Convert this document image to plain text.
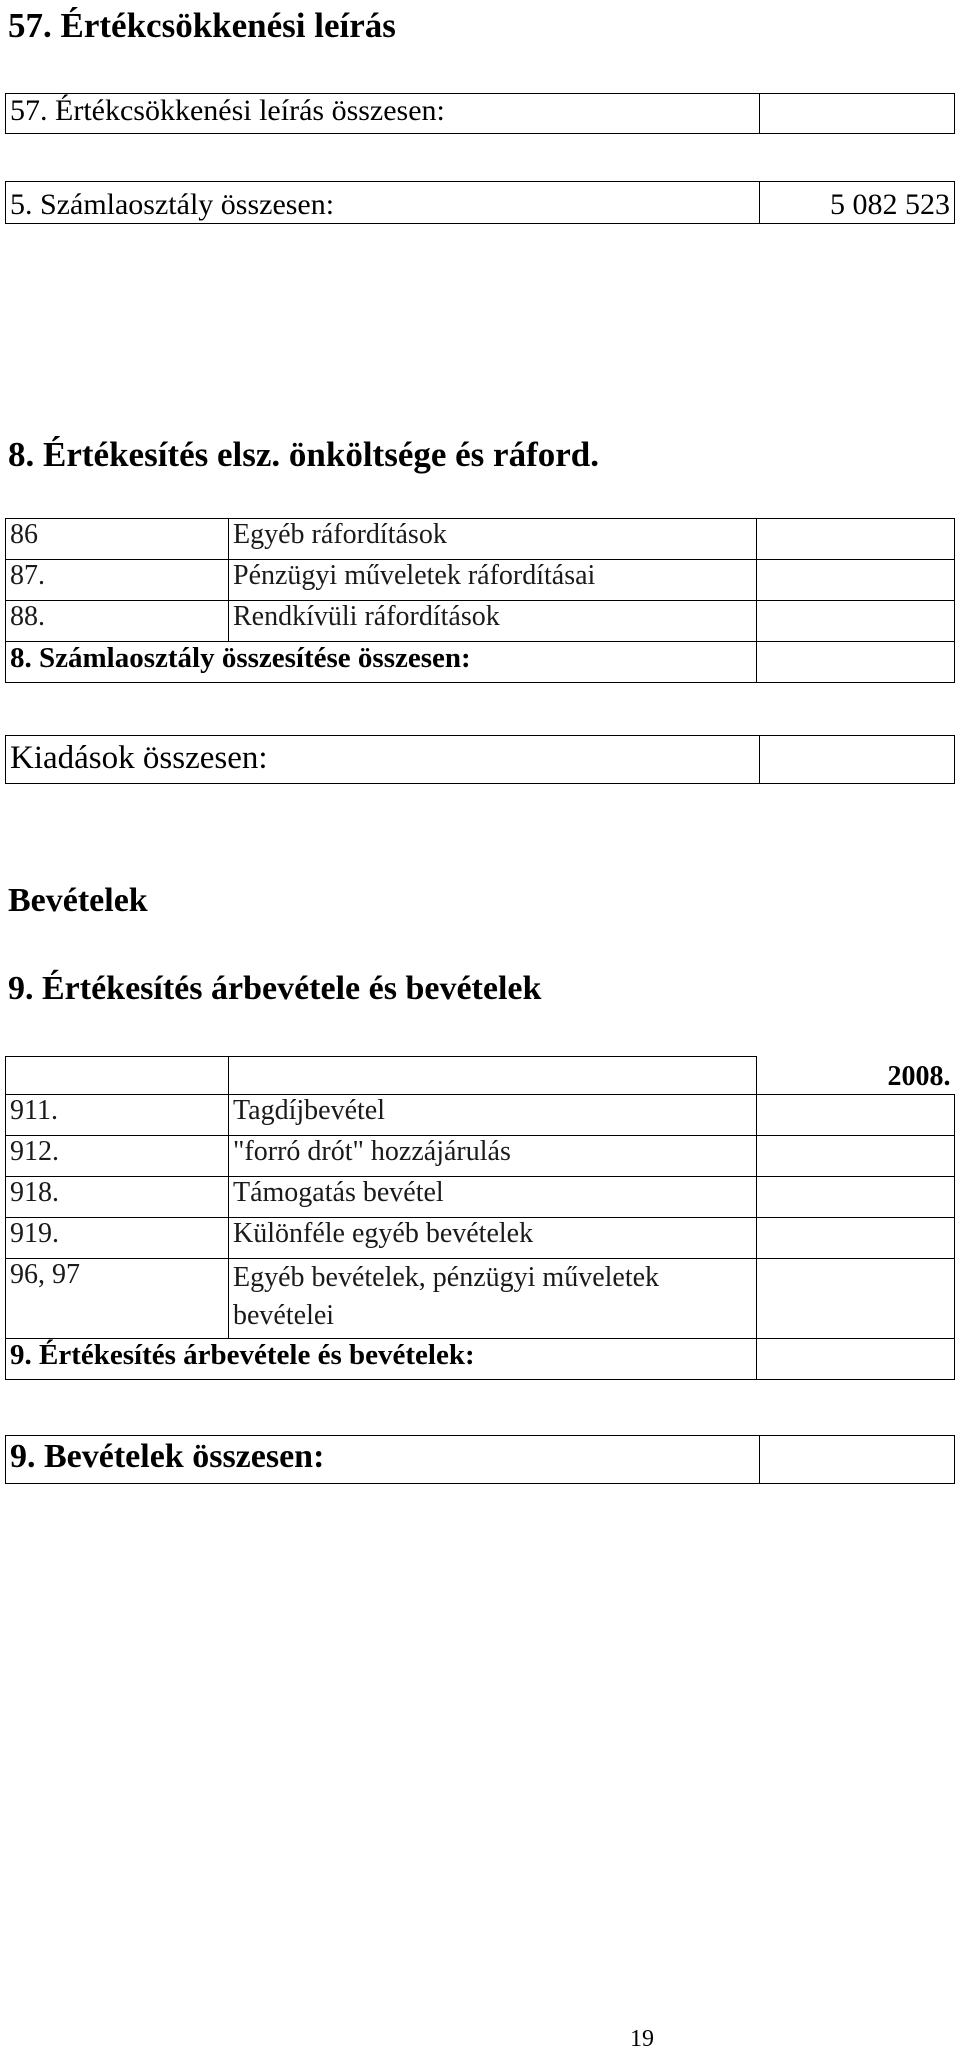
57. Értékcsökkenési leírás
57. Értékcsökkenési leírás összesen:	
5. Számlaosztály összesen:	5 082 523
8. Értékesítés elsz. önköltsége és ráford.
86	Egyéb ráfordítások	
87.	Pénzügyi műveletek ráfordításai	
88.	Rendkívüli ráfordítások	
8. Számlaosztály összesítése összesen:		
Kiadások összesen:	
Bevételek
9. Értékesítés árbevétele és bevételek
		2008.
911.	Tagdíjbevétel	
912.	"forró drót" hozzájárulás	
918.	Támogatás bevétel	
919.	Különféle egyéb bevételek	
96, 97	Egyéb bevételek, pénzügyi műveletek
bevételei	

9. Értékesítés árbevétele és bevételek:		
9. Bevételek összesen:	
19
